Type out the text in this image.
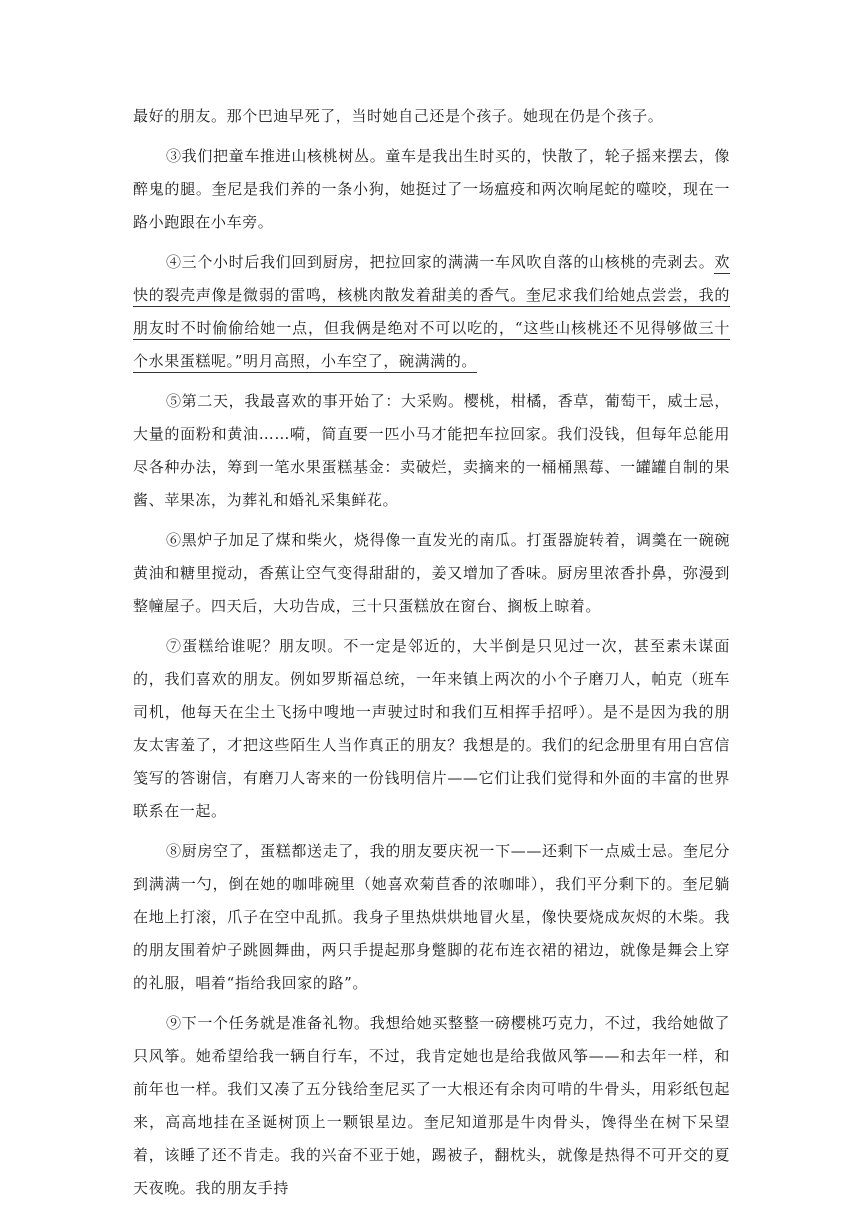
最好的朋友。那个巴迪早死了，当时她自己还是个孩子。她现在仍是个孩子。

③我们把童车推进山核桃树丛。童车是我出生时买的，快散了，轮子摇来摆去，像醉鬼的腿。奎尼是我们养的一条小狗，她挺过了一场瘟疫和两次响尾蛇的噬咬，现在一路小跑跟在小车旁。

④三个小时后我们回到厨房，把拉回家的满满一车风吹自落的山核桃的壳剥去。欢快的裂壳声像是微弱的雷鸣，核桃肉散发着甜美的香气。奎尼求我们给她点尝尝，我的朋友时不时偷偷给她一点，但我俩是绝对不可以吃的，“这些山核桃还不见得够做三十个水果蛋糕呢。”明月高照，小车空了，碗满满的。

⑤第二天，我最喜欢的事开始了：大采购。樱桃，柑橘，香草，葡萄干，威士忌，大量的面粉和黄油……嗬，简直要一匹小马才能把车拉回家。我们没钱，但每年总能用尽各种办法，筹到一笔水果蛋糕基金：卖破烂，卖摘来的一桶桶黑莓、一罐罐自制的果酱、苹果冻，为葬礼和婚礼采集鲜花。

⑥黑炉子加足了煤和柴火，烧得像一直发光的南瓜。打蛋器旋转着，调羹在一碗碗黄油和糖里搅动，香蕉让空气变得甜甜的，姜又增加了香味。厨房里浓香扑鼻，弥漫到整幢屋子。四天后，大功告成，三十只蛋糕放在窗台、搁板上晾着。

⑦蛋糕给谁呢？朋友呗。不一定是邻近的，大半倒是只见过一次，甚至素未谋面的，我们喜欢的朋友。例如罗斯福总统，一年来镇上两次的小个子磨刀人，帕克（班车司机，他每天在尘土飞扬中嗖地一声驶过时和我们互相挥手招呼）。是不是因为我的朋友太害羞了，才把这些陌生人当作真正的朋友？我想是的。我们的纪念册里有用白宫信笺写的答谢信，有磨刀人寄来的一份钱明信片——它们让我们觉得和外面的丰富的世界联系在一起。

⑧厨房空了，蛋糕都送走了，我的朋友要庆祝一下——还剩下一点威士忌。奎尼分到满满一勺，倒在她的咖啡碗里（她喜欢菊苣香的浓咖啡），我们平分剩下的。奎尼躺在地上打滚，爪子在空中乱抓。我身子里热烘烘地冒火星，像快要烧成灰烬的木柴。我的朋友围着炉子跳圆舞曲，两只手提起那身蹩脚的花布连衣裙的裙边，就像是舞会上穿的礼服，唱着“指给我回家的路”。

⑨下一个任务就是准备礼物。我想给她买整整一磅樱桃巧克力，不过，我给她做了只风筝。她希望给我一辆自行车，不过，我肯定她也是给我做风筝——和去年一样，和前年也一样。我们又凑了五分钱给奎尼买了一大根还有余肉可啃的牛骨头，用彩纸包起来，高高地挂在圣诞树顶上一颗银星边。奎尼知道那是牛肉骨头，馋得坐在树下呆望着，该睡了还不肯走。我的兴奋不亚于她，踢被子，翻枕头，就像是热得不可开交的夏天夜晚。我的朋友手持
